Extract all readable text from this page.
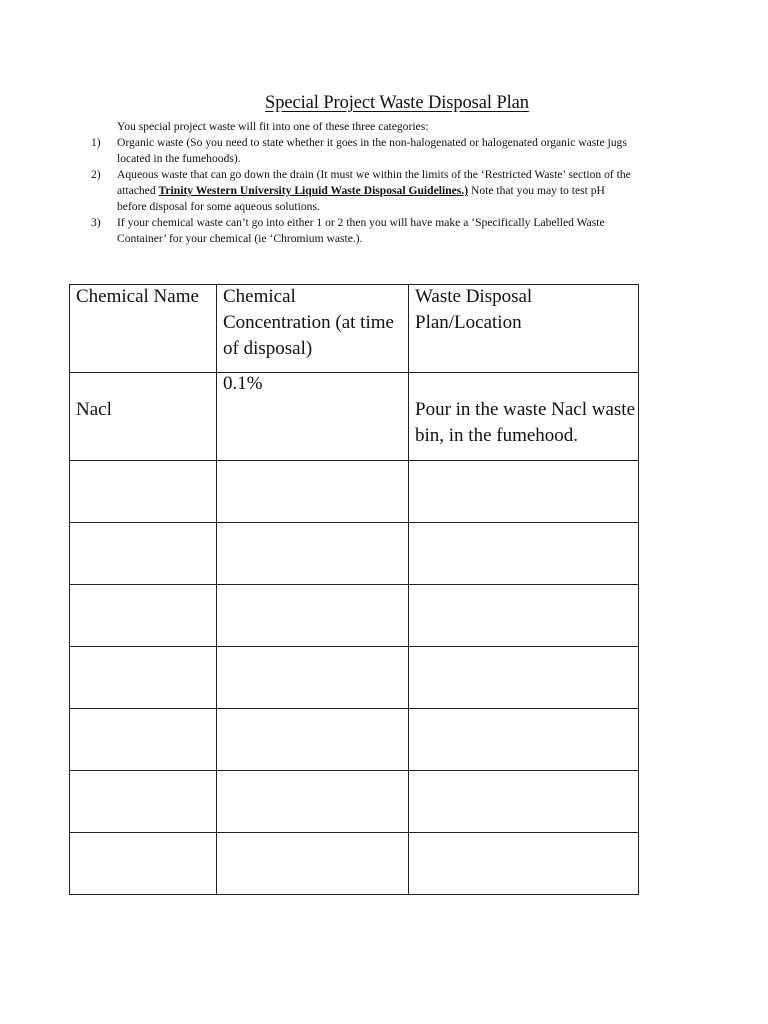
Special Project Waste Disposal Plan
You special project waste will fit into one of these three categories:
1) Organic waste (So you need to state whether it goes in the non-halogenated or halogenated organic waste jugs
located in the fumehoods).
2) Aqueous waste that can go down the drain (It must we within the limits of the ‘Restricted Waste’ section of the
attached Trinity Western University Liquid Waste Disposal Guidelines.) Note that you may to test pH
before disposal for some aqueous solutions.
3) If your chemical waste can’t go into either 1 or 2 then you will have make a ‘Specifically Labelled Waste
Container’ for your chemical (ie ‘Chromium waste.).
Chemical Name	Chemical Concentration (at time of disposal)	Waste Disposal Plan/Location

Nacl	0.1%	Pour in the waste Nacl waste bin, in the fumehood.
